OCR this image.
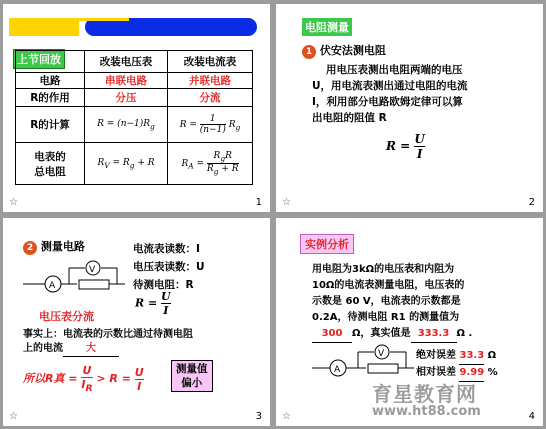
上节回放
		改装电压表	改装电流表
电路	串联电路	并联电路
R的作用	分压	分流
R的计算	$R = (n-1)R_g$	$R = \frac{1}{(n-1)} R_g$
电表的
总电阻	$R_V = R_g + R$	$R_A$ =
$R_gR$
$R_g + R$
☆	1
电阻测量
1 伏安法测电阻
用电压表测出电阻两端的电压
U，用电流表测出通过电阻的电流
I，利用部分电路欧姆定律可以算
出电阻的阻值 R
$R = \frac{U}{I}$
☆	2
2 测量电路	电流表读数：I
电压表读数：U
待测电阻：R
A
V
电压表分流
$R = \frac{U}{I}$
事实上：电流表的示数比通过待测电阻
上的电流 大
所以R真 = $\frac{U}{I_R} > R = \frac{U}{I}$	测量值
偏小
☆	3
实例分析
用电阻为3kΩ的电压表和内阻为
10Ω的电流表测量电阻，电压表的
示数是 60 V，电流表的示数都是
0.2A，待测电阻 R1 的测量值为
300 Ω，真实值是 333.3 Ω .
A
V	绝对误差 33.3 Ω
相对误差 9.99 %
育星教育网
www.ht88.com
☆	4
